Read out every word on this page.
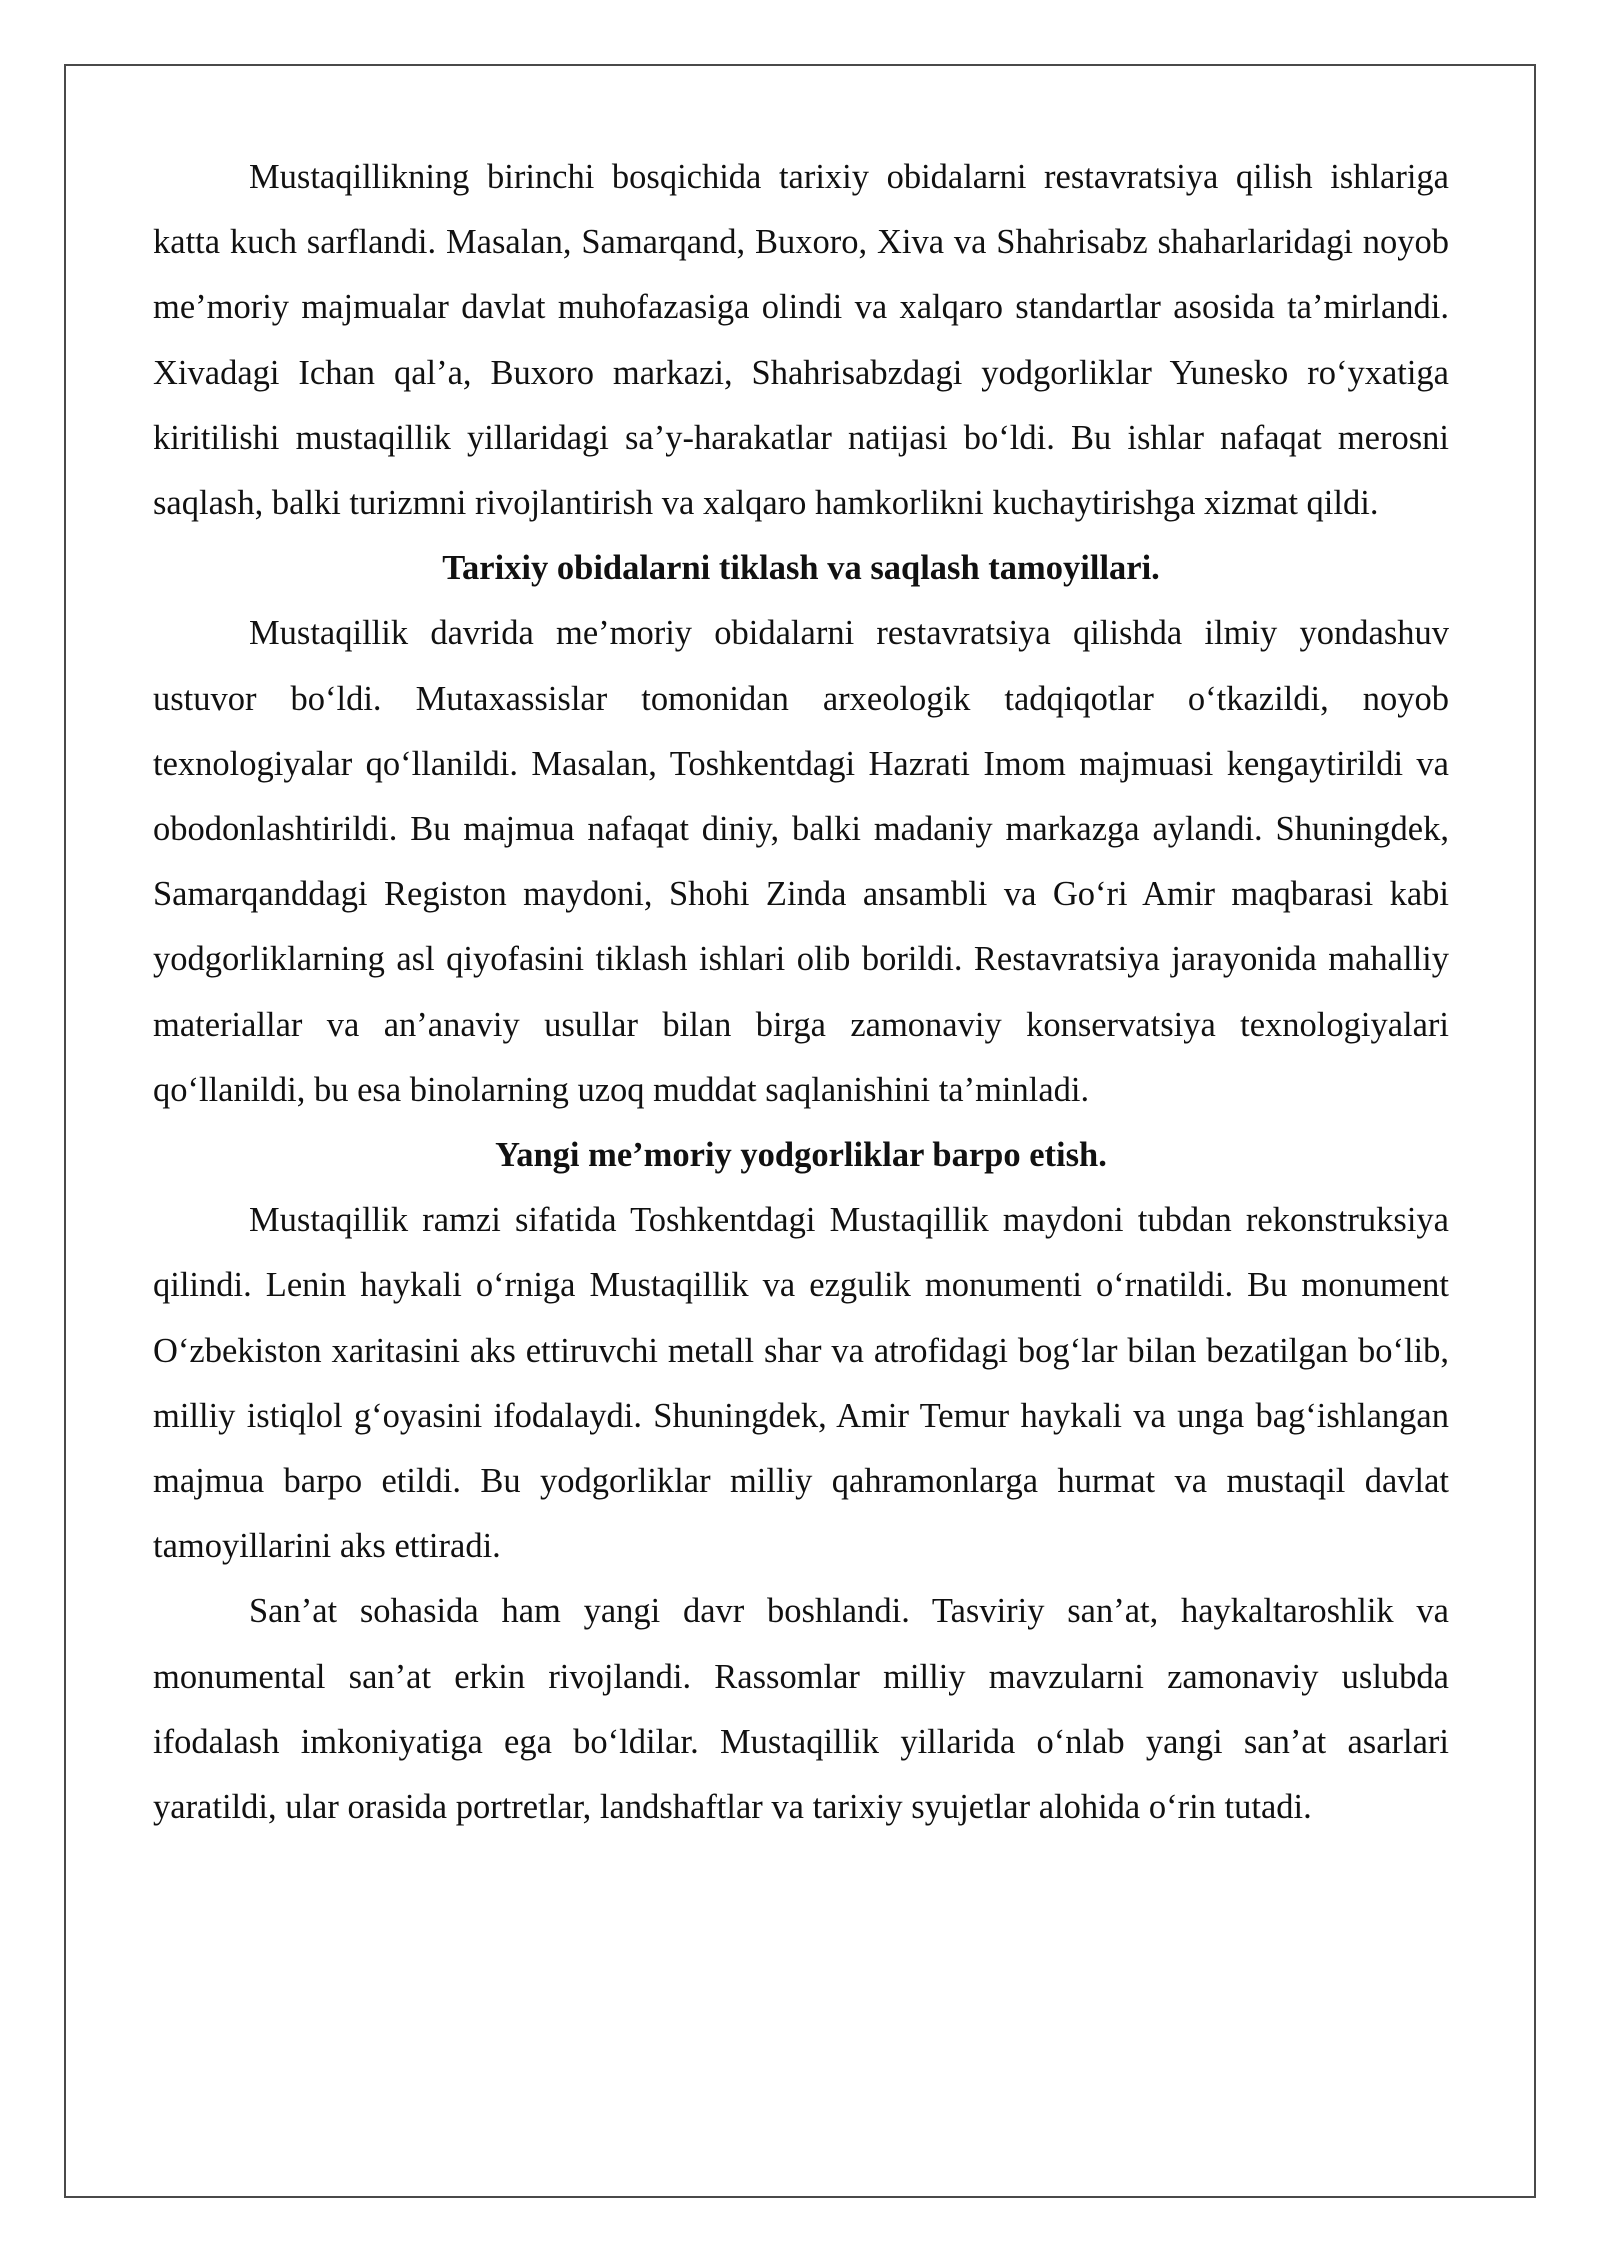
Mustaqillikning birinchi bosqichida tarixiy obidalarni restavratsiya qilish ishlariga katta kuch sarflandi. Masalan, Samarqand, Buxoro, Xiva va Shahrisabz shaharlaridagi noyob me’moriy majmualar davlat muhofazasiga olindi va xalqaro standartlar asosida ta’mirlandi. Xivadagi Ichan qal’a, Buxoro markazi, Shahrisabzdagi yodgorliklar Yunesko ro‘yxatiga kiritilishi mustaqillik yillaridagi sa’y-harakatlar natijasi bo‘ldi. Bu ishlar nafaqat merosni saqlash, balki turizmni rivojlantirish va xalqaro hamkorlikni kuchaytirishga xizmat qildi.

Tarixiy obidalarni tiklash va saqlash tamoyillari.

Mustaqillik davrida me’moriy obidalarni restavratsiya qilishda ilmiy yondashuv ustuvor bo‘ldi. Mutaxassislar tomonidan arxeologik tadqiqotlar o‘tkazildi, noyob texnologiyalar qo‘llanildi. Masalan, Toshkentdagi Hazrati Imom majmuasi kengaytirildi va obodonlashtirildi. Bu majmua nafaqat diniy, balki madaniy markazga aylandi. Shuningdek, Samarqanddagi Registon maydoni, Shohi Zinda ansambli va Go‘ri Amir maqbarasi kabi yodgorliklarning asl qiyofasini tiklash ishlari olib borildi. Restavratsiya jarayonida mahalliy materiallar va an’anaviy usullar bilan birga zamonaviy konservatsiya texnologiyalari qo‘llanildi, bu esa binolarning uzoq muddat saqlanishini ta’minladi.

Yangi me’moriy yodgorliklar barpo etish.

Mustaqillik ramzi sifatida Toshkentdagi Mustaqillik maydoni tubdan rekonstruksiya qilindi. Lenin haykali o‘rniga Mustaqillik va ezgulik monumenti o‘rnatildi. Bu monument O‘zbekiston xaritasini aks ettiruvchi metall shar va atrofidagi bog‘lar bilan bezatilgan bo‘lib, milliy istiqlol g‘oyasini ifodalaydi. Shuningdek, Amir Temur haykali va unga bag‘ishlangan majmua barpo etildi. Bu yodgorliklar milliy qahramonlarga hurmat va mustaqil davlat tamoyillarini aks ettiradi.

San’at sohasida ham yangi davr boshlandi. Tasviriy san’at, haykaltaroshlik va monumental san’at erkin rivojlandi. Rassomlar milliy mavzularni zamonaviy uslubda ifodalash imkoniyatiga ega bo‘ldilar. Mustaqillik yillarida o‘nlab yangi san’at asarlari yaratildi, ular orasida portretlar, landshaftlar va tarixiy syujetlar alohida o‘rin tutadi.
